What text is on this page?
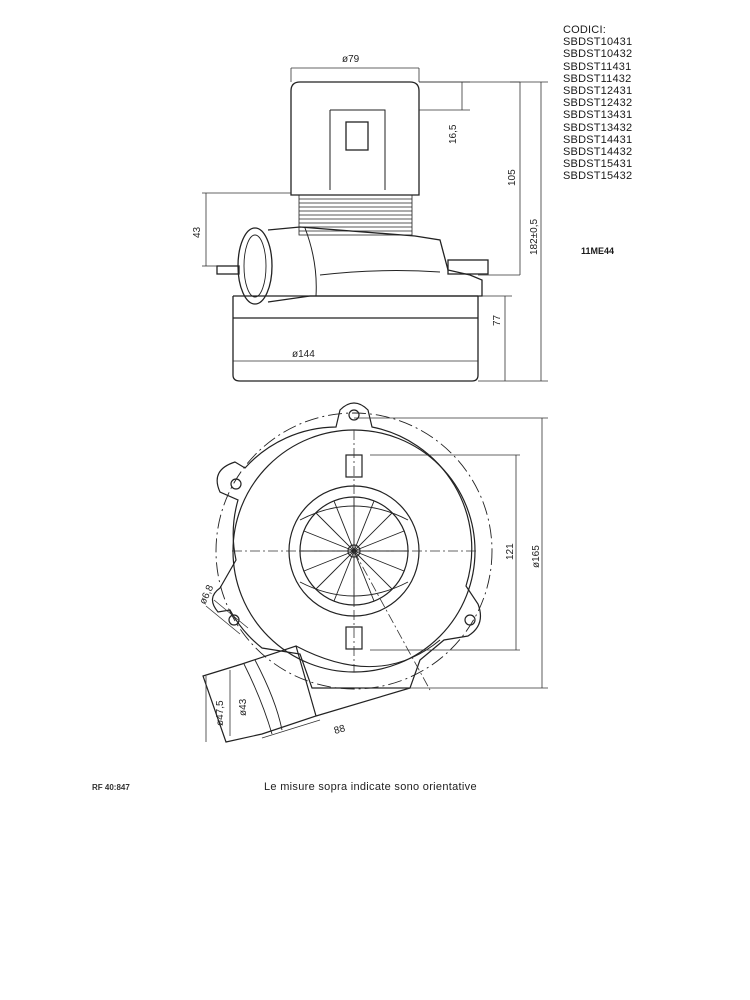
ø79
16,5
105
182±0,5
43
77
ø144
121 ø165
ø6,8
ø43
ø47,5
88
CODICI:
SBDST10431
SBDST10432
SBDST11431
SBDST11432
SBDST12431
SBDST12432
SBDST13431
SBDST13432
SBDST14431
SBDST14432
SBDST15431
SBDST15432
11ME44
RF 40:847	Le misure sopra indicate sono orientative
